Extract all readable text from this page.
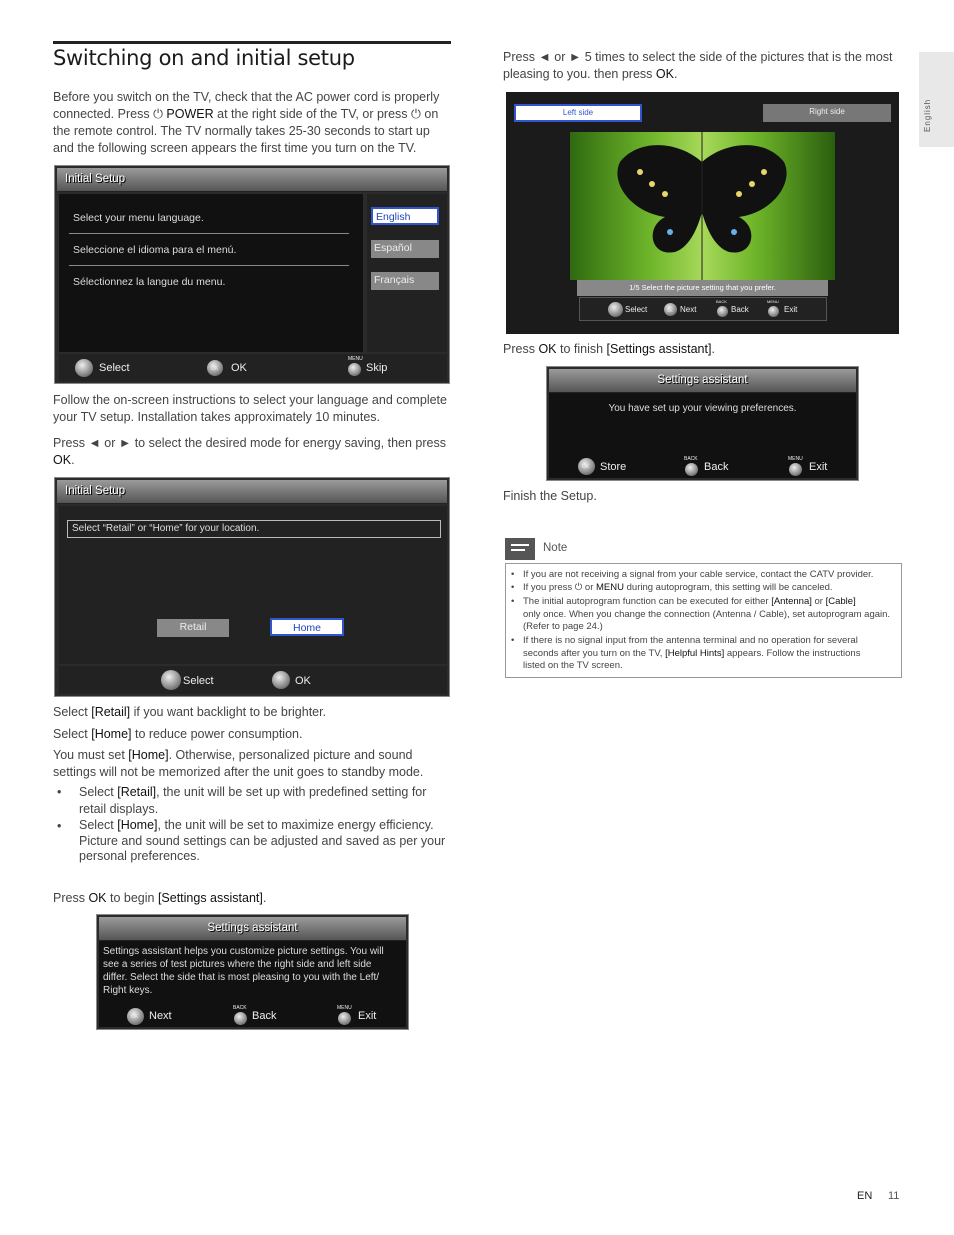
Switching on and initial setup
English
Before you switch on the TV, check that the AC power cord is properly
connected. Press ⏻ POWER at the right side of the TV, or press ⏻ on
the remote control. The TV normally takes 25-30 seconds to start up
and the following screen appears the first time you turn on the TV.
Initial Setup
Select your menu language.
Seleccione el idioma para el menú.
Sélectionnez la langue du menu.
English
Español
Français
Select	OK OK
MENU
Skip
Follow the on-screen instructions to select your language and complete
your TV setup. Installation takes approximately 10 minutes.
Press ◄ or ► to select the desired mode for energy saving, then press
OK.
Initial Setup
Select “Retail” or “Home” for your location.
Retail	Home
Select	OK
Select [Retail] if you want backlight to be brighter.
Select [Home] to reduce power consumption.
You must set [Home]. Otherwise, personalized picture and sound
settings will not be memorized after the unit goes to standby mode.
• Select [Retail], the unit will be set up with predefined setting for
retail displays.
• Select [Home], the unit will be set to maximize energy efficiency.
Picture and sound settings can be adjusted and saved as per your
personal preferences.
Press OK to begin [Settings assistant].
Settings assistant
Settings assistant helps you customize picture settings. You will
see a series of test pictures where the right side and left side
differ. Select the side that is most pleasing to you with the Left/
Right keys.
OK Next
BACK
Back
MENU
Exit
Press ◄ or ► 5 times to select the side of the pictures that is the most
pleasing to you. then press OK.
Left side	Right side
1/5 Select the picture setting that you prefer.
Select	OK Next
BACK
Back
MENU
Exit
Press OK to finish [Settings assistant].
Settings assistant
You have set up your viewing preferences.
OK Store
BACK
Back
MENU
Exit
Finish the Setup.
Note
• If you are not receiving a signal from your cable service, contact the CATV provider.
• If you press ⏻ or MENU during autoprogram, this setting will be canceled.
• The initial autoprogram function can be executed for either [Antenna] or [Cable]
only once. When you change the connection (Antenna / Cable), set autoprogram again.
(Refer to page 24.)
• If there is no signal input from the antenna terminal and no operation for several
seconds after you turn on the TV, [Helpful Hints] appears. Follow the instructions
listed on the TV screen.
EN 11
